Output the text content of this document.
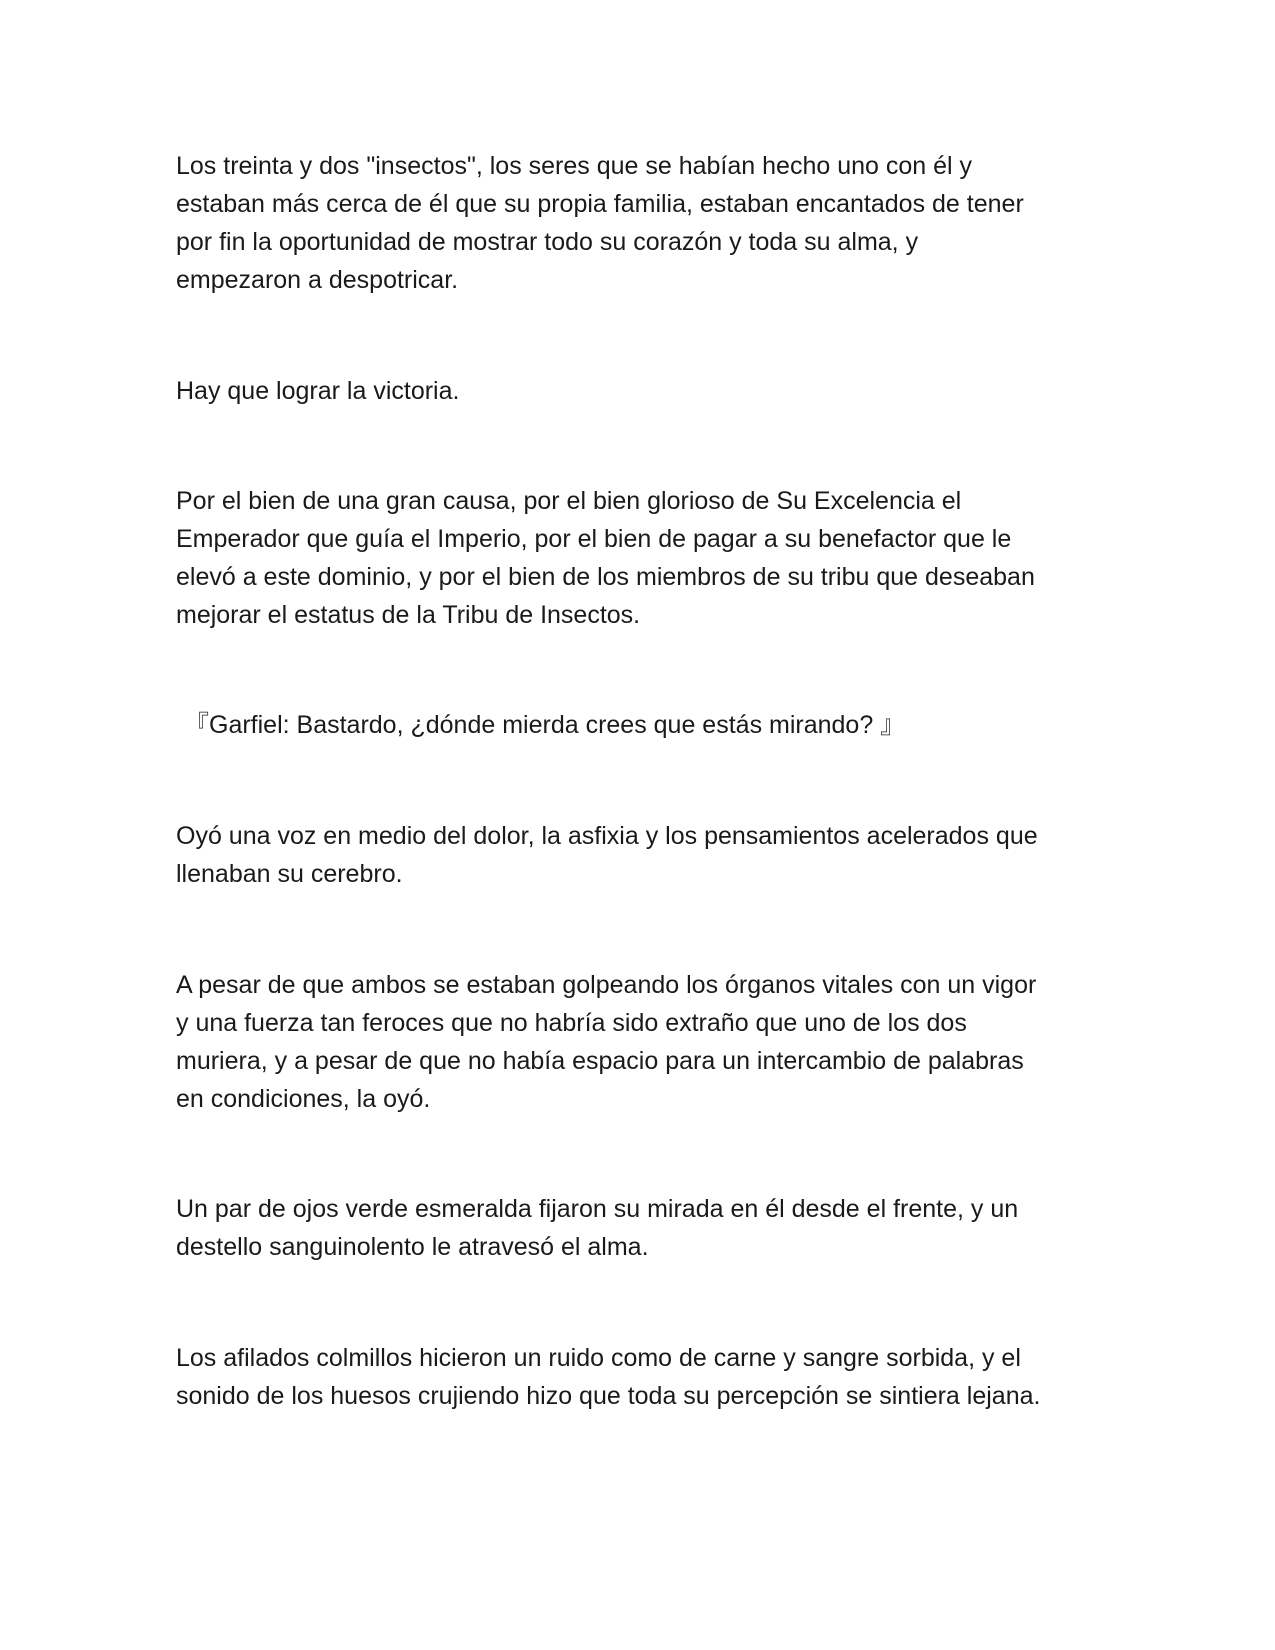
Los treinta y dos "insectos", los seres que se habían hecho uno con él y
estaban más cerca de él que su propia familia, estaban encantados de tener
por fin la oportunidad de mostrar todo su corazón y toda su alma, y
empezaron a despotricar.

Hay que lograr la victoria.

Por el bien de una gran causa, por el bien glorioso de Su Excelencia el
Emperador que guía el Imperio, por el bien de pagar a su benefactor que le
elevó a este dominio, y por el bien de los miembros de su tribu que deseaban
mejorar el estatus de la Tribu de Insectos.

『Garfiel: Bastardo, ¿dónde mierda crees que estás mirando? 』

Oyó una voz en medio del dolor, la asfixia y los pensamientos acelerados que
llenaban su cerebro.

A pesar de que ambos se estaban golpeando los órganos vitales con un vigor
y una fuerza tan feroces que no habría sido extraño que uno de los dos
muriera, y a pesar de que no había espacio para un intercambio de palabras
en condiciones, la oyó.

Un par de ojos verde esmeralda fijaron su mirada en él desde el frente, y un
destello sanguinolento le atravesó el alma.

Los afilados colmillos hicieron un ruido como de carne y sangre sorbida, y el
sonido de los huesos crujiendo hizo que toda su percepción se sintiera lejana.
